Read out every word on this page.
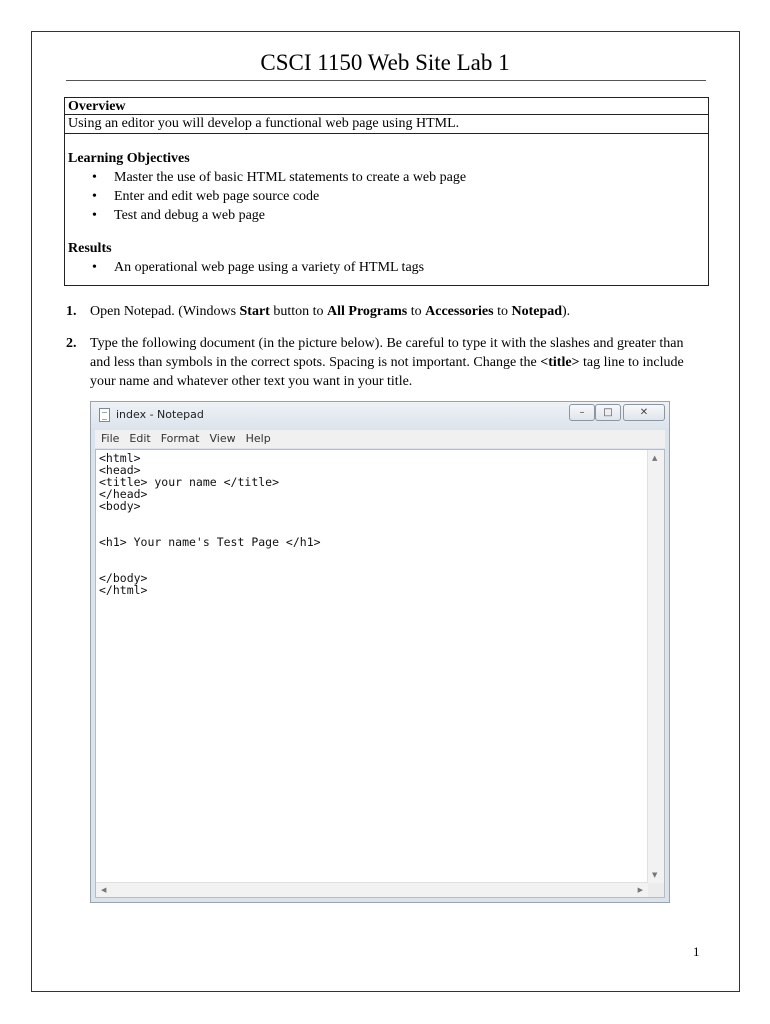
CSCI 1150 Web Site Lab 1
Overview
Using an editor you will develop a functional web page using HTML.
Learning Objectives
• Master the use of basic HTML statements to create a web page
• Enter and edit web page source code
• Test and debug a web page
Results
• An operational web page using a variety of HTML tags
1. Open Notepad. (Windows Start button to All Programs to Accessories to Notepad).
2. Type the following document (in the picture below). Be careful to type it with the slashes and greater than and less than symbols in the correct spots. Spacing is not important. Change the <title> tag line to include your name and whatever other text you want in your title.
index - Notepad	–	□	✕
File Edit Format View Help
<html>
<head>
<title> your name </title>
</head>
<body>

<h1> Your name's Test Page </h1>

</body>
</html>
▲
▼
◀	▶
1
